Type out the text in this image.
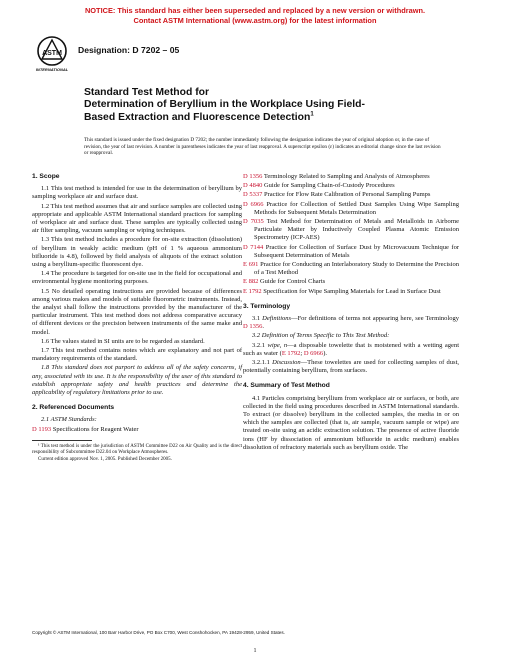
NOTICE: This standard has either been superseded and replaced by a new version or withdrawn.
Contact ASTM International (www.astm.org) for the latest information
ASTM
INTERNATIONAL
Designation: D 7202 – 05
Standard Test Method for
Determination of Beryllium in the Workplace Using Field-
Based Extraction and Fluorescence Detection$^1$
This standard is issued under the fixed designation D 7202; the number immediately following the designation indicates the year of original adoption or, in the case of revision, the year of last revision. A number in parentheses indicates the year of last reapproval. A superscript epsilon (ε) indicates an editorial change since the last revision or reapproval.
1. Scope

1.1 This test method is intended for use in the determination of beryllium by sampling workplace air and surface dust.

1.2 This test method assumes that air and surface samples are collected using appropriate and applicable ASTM International standard practices for sampling of workplace air and surface dust. These samples are typically collected using air filter sampling, vacuum sampling or wiping techniques.

1.3 This test method includes a procedure for on-site extraction (dissolution) of beryllium in weakly acidic medium (pH of 1 % aqueous ammonium bifluoride is 4.8), followed by field analysis of aliquots of the extract solution using a beryllium-specific fluorescent dye.

1.4 The procedure is targeted for on-site use in the field for occupational and environmental hygiene monitoring purposes.

1.5 No detailed operating instructions are provided because of differences among various makes and models of suitable fluorometric instruments. Instead, the analyst shall follow the instructions provided by the manufacturer of the particular instrument. This test method does not address comparative accuracy of different devices or the precision between instruments of the same make and model.

1.6 The values stated in SI units are to be regarded as standard.

1.7 This test method contains notes which are explanatory and not part of mandatory requirements of the standard.

1.8 This standard does not purport to address all of the safety concerns, if any, associated with its use. It is the responsibility of the user of this standard to establish appropriate safety and health practices and determine the applicability of regulatory limitations prior to use.

2. Referenced Documents

2.1 ASTM Standards:

D 1193 Specifications for Reagent Water

¹ This test method is under the jurisdiction of ASTM Committee D22 on Air Quality and is the direct responsibility of Subcommittee D22.04 on Workplace Atmospheres.

Current edition approved Nov. 1, 2005. Published December 2005.

D 1356 Terminology Related to Sampling and Analysis of Atmospheres
D 4840 Guide for Sampling Chain-of-Custody Procedures
D 5337 Practice for Flow Rate Calibration of Personal Sampling Pumps
D 6966 Practice for Collection of Settled Dust Samples Using Wipe Sampling Methods for Subsequent Metals Determination
D 7035 Test Method for Determination of Metals and Metalloids in Airborne Particulate Matter by Inductively Coupled Plasma Atomic Emission Spectrometry (ICP-AES)
D 7144 Practice for Collection of Surface Dust by Microvacuum Technique for Subsequent Determination of Metals
E 691 Practice for Conducting an Interlaboratory Study to Determine the Precision of a Test Method
E 882 Guide for Control Charts
E 1792 Specification for Wipe Sampling Materials for Lead in Surface Dust
3. Terminology

3.1 Definitions—For definitions of terms not appearing here, see Terminology D 1356.

3.2 Definition of Terms Specific to This Test Method:

3.2.1 wipe, n—a disposable towelette that is moistened with a wetting agent such as water (E 1792; D 6966).

3.2.1.1 Discussion—These towelettes are used for collecting samples of dust, potentially containing beryllium, from surfaces.

4. Summary of Test Method

4.1 Particles comprising beryllium from workplace air or surfaces, or both, are collected in the field using procedures described in ASTM International standards. To extract (or dissolve) beryllium in the collected samples, the media in or on which the samples are collected (that is, air sample, vacuum sample or wipe) are treated on-site using an acidic extraction solution. The presence of active fluoride ions (HF by dissociation of ammonium bifluoride in acidic medium) enables dissolution of refractory materials such as beryllium oxide. The

Copyright © ASTM International, 100 Barr Harbor Drive, PO Box C700, West Conshohocken, PA 19428-2959, United States.
1
